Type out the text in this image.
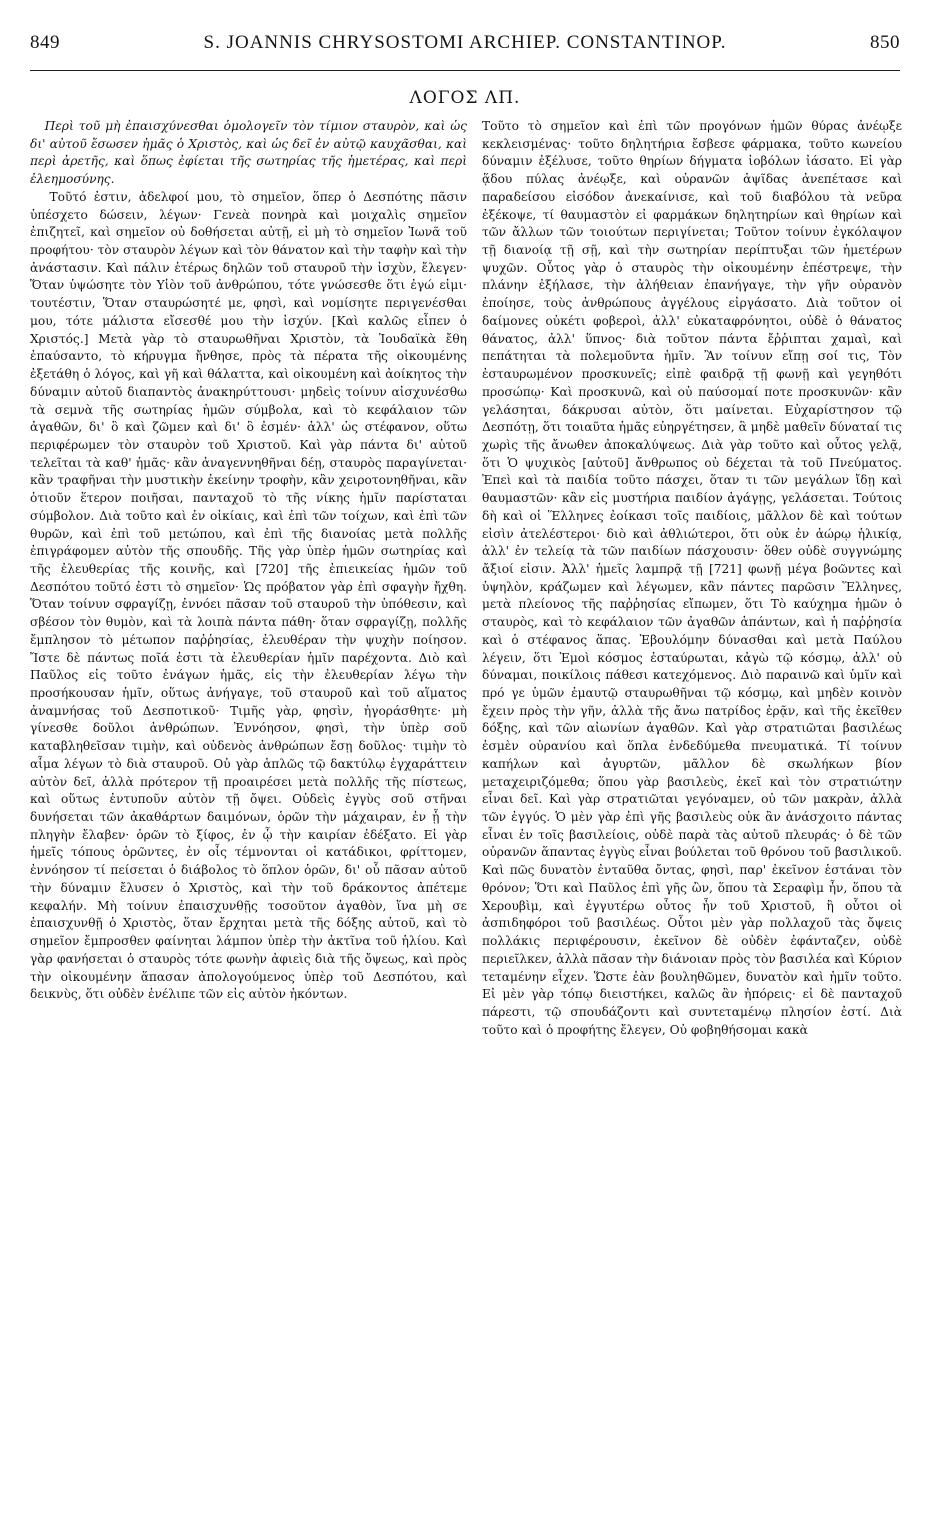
849	S. JOANNIS CHRYSOSTOMI ARCHIEP. CONSTANTINOP.	850
ΛΟΓΟΣ ΛΠ.

Περὶ τοῦ μὴ ἐπαισχύνεσθαι ὁμολογεῖν τὸν τίμιον σταυρὸν, καὶ ὡς δι' αὐτοῦ ἔσωσεν ἡμᾶς ὁ Χριστὸς, καὶ ὡς δεῖ ἐν αὐτῷ καυχᾶσθαι, καὶ περὶ ἀρετῆς, καὶ ὅπως ἐφίεται τῆς σωτηρίας τῆς ἡμετέρας, καὶ περὶ ἐλεημοσύνης.

Τοῦτό ἐστιν, ἀδελφοί μου, τὸ σημεῖον, ὅπερ ὁ Δεσπότης πᾶσιν ὑπέσχετο δώσειν, λέγων· Γενεὰ πονηρὰ καὶ μοιχαλὶς σημεῖον ἐπιζητεῖ, καὶ σημεῖον οὐ δοθήσεται αὐτῇ, εἰ μὴ τὸ σημεῖον Ἰωνᾶ τοῦ προφήτου· τὸν σταυρὸν λέγων καὶ τὸν θάνατον καὶ τὴν ταφὴν καὶ τὴν ἀνάστασιν. Καὶ πάλιν ἑτέρως δηλῶν τοῦ σταυροῦ τὴν ἰσχὺν, ἔλεγεν· Ὅταν ὑψώσητε τὸν Υἱὸν τοῦ ἀνθρώπου, τότε γνώσεσθε ὅτι ἐγώ εἰμι· τουτέστιν, Ὅταν σταυρώσητέ με, φησὶ, καὶ νομίσητε περιγενέσθαι μου, τότε μάλιστα εἴσεσθέ μου τὴν ἰσχύν. [Καὶ καλῶς εἶπεν ὁ Χριστός.] Μετὰ γὰρ τὸ σταυρωθῆναι Χριστὸν, τὰ Ἰουδαϊκὰ ἔθη ἐπαύσαντο, τὸ κήρυγμα ἤνθησε, πρὸς τὰ πέρατα τῆς οἰκουμένης ἐξετάθη ὁ λόγος, καὶ γῆ καὶ θάλαττα, καὶ οἰκουμένη καὶ ἀοίκητος τὴν δύναμιν αὐτοῦ διαπαντὸς ἀνακηρύττουσι· μηδεὶς τοίνυν αἰσχυνέσθω τὰ σεμνὰ τῆς σωτηρίας ἡμῶν σύμβολα, καὶ τὸ κεφάλαιον τῶν ἀγαθῶν, δι' ὃ καὶ ζῶμεν καὶ δι' ὃ ἐσμέν· ἀλλ' ὡς στέφανον, οὕτω περιφέρωμεν τὸν σταυρὸν τοῦ Χριστοῦ. Καὶ γὰρ πάντα δι' αὐτοῦ τελεῖται τὰ καθ' ἡμᾶς· κἂν ἀναγεννηθῆναι δέῃ, σταυρὸς παραγίνεται· κἂν τραφῆναι τὴν μυστικὴν ἐκείνην τροφὴν, κἂν χειροτονηθῆναι, κἂν ὁτιοῦν ἕτερον ποιῆσαι, πανταχοῦ τὸ τῆς νίκης ἡμῖν παρίσταται σύμβολον. Διὰ τοῦτο καὶ ἐν οἰκίαις, καὶ ἐπὶ τῶν τοίχων, καὶ ἐπὶ τῶν θυρῶν, καὶ ἐπὶ τοῦ μετώπου, καὶ ἐπὶ τῆς διανοίας μετὰ πολλῆς ἐπιγράφομεν αὐτὸν τῆς σπουδῆς. Τῆς γὰρ ὑπὲρ ἡμῶν σωτηρίας καὶ τῆς ἐλευθερίας τῆς κοινῆς, καὶ [720] τῆς ἐπιεικείας ἡμῶν τοῦ Δεσπότου τοῦτό ἐστι τὸ σημεῖον· Ὡς πρόβατον γὰρ ἐπὶ σφαγὴν ἤχθη. Ὅταν τοίνυν σφραγίζῃ, ἐννόει πᾶσαν τοῦ σταυροῦ τὴν ὑπόθεσιν, καὶ σβέσον τὸν θυμὸν, καὶ τὰ λοιπὰ πάντα πάθη· ὅταν σφραγίζῃ, πολλῆς ἔμπλησον τὸ μέτωπον παῤῥησίας, ἐλευθέραν τὴν ψυχὴν ποίησον. Ἴστε δὲ πάντως ποῖά ἐστι τὰ ἐλευθερίαν ἡμῖν παρέχοντα. Διὸ καὶ Παῦλος εἰς τοῦτο ἐνάγων ἡμᾶς, εἰς τὴν ἐλευθερίαν λέγω τὴν προσήκουσαν ἡμῖν, οὕτως ἀνήγαγε, τοῦ σταυροῦ καὶ τοῦ αἵματος ἀναμνήσας τοῦ Δεσποτικοῦ· Τιμῆς γὰρ, φησὶν, ἠγοράσθητε· μὴ γίνεσθε δοῦλοι ἀνθρώπων. Ἐννόησον, φησὶ, τὴν ὑπὲρ σοῦ καταβληθεῖσαν τιμὴν, καὶ οὐδενὸς ἀνθρώπων ἔσῃ δοῦλος· τιμὴν τὸ αἷμα λέγων τὸ διὰ σταυροῦ. Οὐ γὰρ ἁπλῶς τῷ δακτύλῳ ἐγχαράττειν αὐτὸν δεῖ, ἀλλὰ πρότερον τῇ προαιρέσει μετὰ πολλῆς τῆς πίστεως, καὶ οὕτως ἐντυποῦν αὐτὸν τῇ ὄψει. Οὐδεὶς ἐγγὺς σοῦ στῆναι δυνήσεται τῶν ἀκαθάρτων δαιμόνων, ὁρῶν τὴν μάχαιραν, ἐν ᾗ τὴν πληγὴν ἔλαβεν· ὁρῶν τὸ ξίφος, ἐν ᾧ τὴν καιρίαν ἐδέξατο. Εἰ γὰρ ἡμεῖς τόπους ὁρῶντες, ἐν οἷς τέμνονται οἱ κατάδικοι, φρίττομεν, ἐννόησον τί πείσεται ὁ διάβολος τὸ ὅπλον ὁρῶν, δι' οὗ πᾶσαν αὐτοῦ τὴν δύναμιν ἔλυσεν ὁ Χριστὸς, καὶ τὴν τοῦ δράκοντος ἀπέτεμε κεφαλήν. Μὴ τοίνυν ἐπαισχυνθῇς τοσοῦτον ἀγαθὸν, ἵνα μὴ σε ἐπαισχυνθῇ ὁ Χριστὸς, ὅταν ἔρχηται μετὰ τῆς δόξης αὐτοῦ, καὶ τὸ σημεῖον ἔμπροσθεν φαίνηται λάμπον ὑπὲρ τὴν ἀκτῖνα τοῦ ἡλίου. Καὶ γὰρ φανήσεται ὁ σταυρὸς τότε φωνὴν ἀφιεὶς διὰ τῆς ὄψεως, καὶ πρὸς τὴν οἰκουμένην ἅπασαν ἀπολογούμενος ὑπὲρ τοῦ Δεσπότου, καὶ δεικνὺς, ὅτι οὐδὲν ἐνέλιπε τῶν εἰς αὐτὸν ἡκόντων.

Τοῦτο τὸ σημεῖον καὶ ἐπὶ τῶν προγόνων ἡμῶν θύρας ἀνέῳξε κεκλεισμένας· τοῦτο δηλητήρια ἔσβεσε φάρμακα, τοῦτο κωνείου δύναμιν ἐξέλυσε, τοῦτο θηρίων δήγματα ἰοβόλων ἰάσατο. Εἰ γὰρ ᾅδου πύλας ἀνέῳξε, καὶ οὐρανῶν ἁψῖδας ἀνεπέτασε καὶ παραδείσου εἰσόδον ἀνεκαίνισε, καὶ τοῦ διαβόλου τὰ νεῦρα ἐξέκοψε, τί θαυμαστὸν εἰ φαρμάκων δηλητηρίων καὶ θηρίων καὶ τῶν ἄλλων τῶν τοιούτων περιγίνεται; Τοῦτον τοίνυν ἐγκόλαψον τῇ διανοίᾳ τῇ σῇ, καὶ τὴν σωτηρίαν περίπτυξαι τῶν ἡμετέρων ψυχῶν. Οὗτος γὰρ ὁ σταυρὸς τὴν οἰκουμένην ἐπέστρεψε, τὴν πλάνην ἐξήλασε, τὴν ἀλήθειαν ἐπανήγαγε, τὴν γῆν οὐρανὸν ἐποίησε, τοὺς ἀνθρώπους ἀγγέλους εἰργάσατο. Διὰ τοῦτον οἱ δαίμονες οὐκέτι φοβεροὶ, ἀλλ' εὐκαταφρόνητοι, οὐδὲ ὁ θάνατος θάνατος, ἀλλ' ὕπνος· διὰ τοῦτον πάντα ἔῤῥιπται χαμαὶ, καὶ πεπάτηται τὰ πολεμοῦντα ἡμῖν. Ἂν τοίνυν εἴπῃ σοί τις, Τὸν ἐσταυρωμένον προσκυνεῖς; εἰπὲ φαιδρᾷ τῇ φωνῇ καὶ γεγηθότι προσώπῳ· Καὶ προσκυνῶ, καὶ οὐ παύσομαί ποτε προσκυνῶν· κἂν γελάσηται, δάκρυσαι αὐτὸν, ὅτι μαίνεται. Εὐχαρίστησον τῷ Δεσπότῃ, ὅτι τοιαῦτα ἡμᾶς εὐηργέτησεν, ἃ μηδὲ μαθεῖν δύναταί τις χωρὶς τῆς ἄνωθεν ἀποκαλύψεως. Διὰ γὰρ τοῦτο καὶ οὗτος γελᾷ, ὅτι Ὁ ψυχικὸς [αὐτοῦ] ἄνθρωπος οὐ δέχεται τὰ τοῦ Πνεύματος. Ἐπεὶ καὶ τὰ παιδία τοῦτο πάσχει, ὅταν τι τῶν μεγάλων ἴδῃ καὶ θαυμαστῶν· κἂν εἰς μυστήρια παιδίον ἀγάγῃς, γελάσεται. Τούτοις δὴ καὶ οἱ Ἕλληνες ἐοίκασι τοῖς παιδίοις, μᾶλλον δὲ καὶ τούτων εἰσὶν ἀτελέστεροι· διὸ καὶ ἀθλιώτεροι, ὅτι οὐκ ἐν ἀώρῳ ἡλικίᾳ, ἀλλ' ἐν τελείᾳ τὰ τῶν παιδίων πάσχουσιν· ὅθεν οὐδὲ συγγνώμης ἄξιοί εἰσιν. Ἀλλ' ἡμεῖς λαμπρᾷ τῇ [721] φωνῇ μέγα βοῶντες καὶ ὑψηλὸν, κράζωμεν καὶ λέγωμεν, κἂν πάντες παρῶσιν Ἕλληνες, μετὰ πλείονος τῆς παῤῥησίας εἴπωμεν, ὅτι Τὸ καύχημα ἡμῶν ὁ σταυρὸς, καὶ τὸ κεφάλαιον τῶν ἀγαθῶν ἁπάντων, καὶ ἡ παῤῥησία καὶ ὁ στέφανος ἅπας. Ἐβουλόμην δύνασθαι καὶ μετὰ Παύλου λέγειν, ὅτι Ἐμοὶ κόσμος ἐσταύρωται, κἀγὼ τῷ κόσμῳ, ἀλλ' οὐ δύναμαι, ποικίλοις πάθεσι κατεχόμενος. Διὸ παραινῶ καὶ ὑμῖν καὶ πρό γε ὑμῶν ἐμαυτῷ σταυρωθῆναι τῷ κόσμῳ, καὶ μηδὲν κοινὸν ἔχειν πρὸς τὴν γῆν, ἀλλὰ τῆς ἄνω πατρίδος ἐρᾷν, καὶ τῆς ἐκεῖθεν δόξης, καὶ τῶν αἰωνίων ἀγαθῶν. Καὶ γὰρ στρατιῶται βασιλέως ἐσμὲν οὐρανίου καὶ ὅπλα ἐνδεδύμεθα πνευματικά. Τί τοίνυν καπήλων καὶ ἀγυρτῶν, μᾶλλον δὲ σκωλήκων βίον μεταχειριζόμεθα; ὅπου γὰρ βασιλεὺς, ἐκεῖ καὶ τὸν στρατιώτην εἶναι δεῖ. Καὶ γὰρ στρατιῶται γεγόναμεν, οὐ τῶν μακρὰν, ἀλλὰ τῶν ἐγγύς. Ὁ μὲν γὰρ ἐπὶ γῆς βασιλεὺς οὐκ ἂν ἀνάσχοιτο πάντας εἶναι ἐν τοῖς βασιλείοις, οὐδὲ παρὰ τὰς αὐτοῦ πλευράς· ὁ δὲ τῶν οὐρανῶν ἅπαντας ἐγγὺς εἶναι βούλεται τοῦ θρόνου τοῦ βασιλικοῦ. Καὶ πῶς δυνατὸν ἐνταῦθα ὄντας, φησὶ, παρ' ἐκεῖνον ἑστάναι τὸν θρόνον; Ὅτι καὶ Παῦλος ἐπὶ γῆς ὢν, ὅπου τὰ Σεραφὶμ ἦν, ὅπου τὰ Χερουβὶμ, καὶ ἐγγυτέρω οὗτος ἦν τοῦ Χριστοῦ, ἢ οὗτοι οἱ ἀσπιδηφόροι τοῦ βασιλέως. Οὗτοι μὲν γὰρ πολλαχοῦ τὰς ὄψεις πολλάκις περιφέρουσιν, ἐκεῖνον δὲ οὐδὲν ἐφάνταζεν, οὐδὲ περιεῖλκεν, ἀλλὰ πᾶσαν τὴν διάνοιαν πρὸς τὸν βασιλέα καὶ Κύριον τεταμένην εἶχεν. Ὥστε ἐὰν βουληθῶμεν, δυνατὸν καὶ ἡμῖν τοῦτο. Εἰ μὲν γὰρ τόπῳ διειστήκει, καλῶς ἂν ἠπόρεις· εἰ δὲ πανταχοῦ πάρεστι, τῷ σπουδάζοντι καὶ συντεταμένῳ πλησίον ἐστί. Διὰ τοῦτο καὶ ὁ προφήτης ἔλεγεν, Οὐ φοβηθήσομαι κακὰ
